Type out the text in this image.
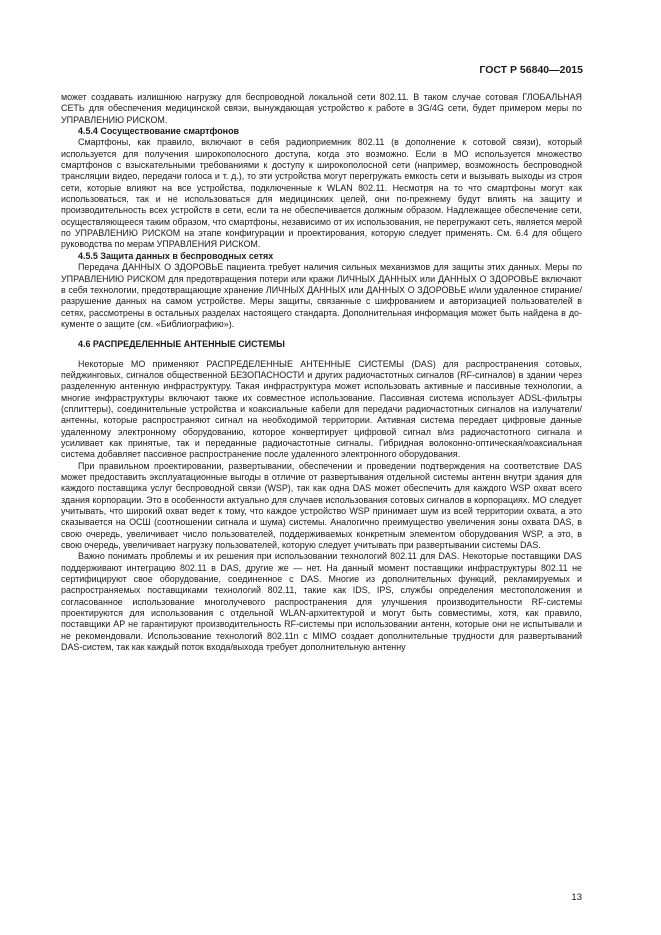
ГОСТ Р 56840—2015

может создавать излишнюю нагрузку для беспроводной локальной сети 802.11. В таком случае сотовая ГЛОБАЛЬНАЯ СЕТЬ для обеспечения медицинской связи, вынуждающая устройство к работе в 3G/4G сети, будет примером меры по УПРАВЛЕНИЮ РИСКОМ.

4.5.4 Сосуществование смартфонов

Смартфоны, как правило, включают в себя радиоприемник 802.11 (в дополнение к сотовой связи), который используется для получения широкополосного доступа, когда это возможно. Если в МО используется множество смартфонов с взыскательными требованиями к доступу к широкополосной сети (например, возможность беспроводной трансляции видео, передачи голоса и т. д.), то эти устройства могут перегружать емкость сети и вызывать выходы из строя сети, которые влияют на все устройства, подключенные к WLAN 802.11. Несмотря на то что смартфоны могут как использоваться, так и не использоваться для медицинских целей, они по-прежнему будут влиять на защиту и производительность всех устройств в сети, если та не обеспечивается должным образом. Надлежащее обеспечение сети, осуществляющееся таким образом, что смартфоны, независимо от их использования, не перегружают сеть, является мерой по УПРАВЛЕНИЮ РИСКОМ на этапе конфигурации и проектирования, которую следует применять. См. 6.4 для общего руководства по мерам УПРАВЛЕНИЯ РИСКОМ.

4.5.5 Защита данных в беспроводных сетях

Передача ДАННЫХ О ЗДОРОВЬЕ пациента требует наличия сильных механизмов для защиты этих данных. Меры по УПРАВЛЕНИЮ РИСКОМ для предотвращения потери или кражи ЛИЧНЫХ ДАННЫХ или ДАННЫХ О ЗДОРОВЬЕ включают в себя технологии, предотвращающие хранение ЛИЧНЫХ ДАННЫХ или ДАННЫХ О ЗДОРОВЬЕ и/или удаленное стирание/разрушение данных на самом устройстве. Меры защиты, связанные с шифрованием и авторизацией пользователей в сетях, рассмотрены в остальных разделах настоящего стандарта. Дополнительная информация может быть найдена в документе о защите (см. «Библиографию»).

4.6 РАСПРЕДЕЛЕННЫЕ АНТЕННЫЕ СИСТЕМЫ

Некоторые МО применяют РАСПРЕДЕЛЕННЫЕ АНТЕННЫЕ СИСТЕМЫ (DAS) для распространения сотовых, пейджинговых, сигналов общественной БЕЗОПАСНОСТИ и других радиочастотных сигналов (RF-сигналов) в здании через разделенную антенную инфраструктуру. Такая инфраструктура может использовать активные и пассивные технологии, а многие инфраструктуры включают также их совместное использование. Пассивная система использует ADSL-фильтры (сплиттеры), соединительные устройства и коаксиальные кабели для передачи радиочастотных сигналов на излучатели/антенны, которые распространяют сигнал на необходимой территории. Активная система передает цифровые данные удаленному электронному оборудованию, которое конвертирует цифровой сигнал в/из радиочастотного сигнала и усиливает как принятые, так и переданные радиочастотные сигналы. Гибридная волоконно-оптическая/коаксиальная система добавляет пассивное распространение после удаленного электронного оборудования.

При правильном проектировании, развертывании, обеспечении и проведении подтверждения на соответствие DAS может предоставить эксплуатационные выгоды в отличие от развертывания отдельной системы антенн внутри здания для каждого поставщика услуг беспроводной связи (WSP), так как одна DAS может обеспечить для каждого WSP охват всего здания корпорации. Это в особенности актуально для случаев использования сотовых сигналов в корпорациях. МО следует учитывать, что широкий охват ведет к тому, что каждое устройство WSP принимает шум из всей территории охвата, а это сказывается на ОСШ (соотношении сигнала и шума) системы. Аналогично преимущество увеличения зоны охвата DAS, в свою очередь, увеличивает число пользователей, поддерживаемых конкретным элементом оборудования WSP, а это, в свою очередь, увеличивает нагрузку пользователей, которую следует учитывать при развертывании системы DAS.

Важно понимать проблемы и их решения при использовании технологий 802.11 для DAS. Некоторые поставщики DAS поддерживают интеграцию 802.11 в DAS, другие же — нет. На данный момент поставщики инфраструктуры 802.11 не сертифицируют свое оборудование, соединенное с DAS. Многие из дополнительных функций, рекламируемых и распространяемых поставщиками технологий 802.11, такие как IDS, IPS, службы определения местоположения и согласованное использование многолучевого распространения для улучшения производительности RF-системы проектируются для использования с отдельной WLAN-архитектурой и могут быть совместимы, хотя, как правило, поставщики АР не гарантируют производительность RF-системы при использовании антенн, которые они не испытывали и не рекомендовали. Использование технологий 802.11n с MIMO создает дополнительные трудности для развертываний DAS-систем, так как каждый поток входа/выхода требует дополнительную антенну

13
